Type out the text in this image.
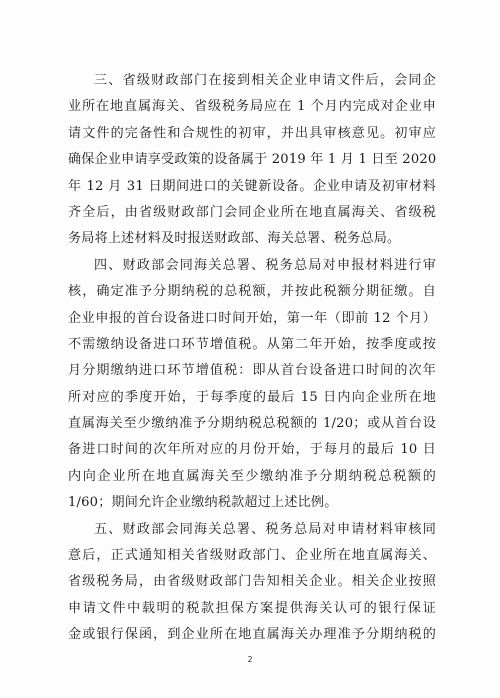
三、省级财政部门在接到相关企业申请文件后，会同企
业所在地直属海关、省级税务局应在 1 个月内完成对企业申
请文件的完备性和合规性的初审，并出具审核意见。初审应
确保企业申请享受政策的设备属于 2019 年 1 月 1 日至 2020
年 12 月 31 日期间进口的关键新设备。企业申请及初审材料
齐全后，由省级财政部门会同企业所在地直属海关、省级税
务局将上述材料及时报送财政部、海关总署、税务总局。
四、财政部会同海关总署、税务总局对申报材料进行审
核，确定准予分期纳税的总税额，并按此税额分期征缴。自
企业申报的首台设备进口时间开始，第一年（即前 12 个月）
不需缴纳设备进口环节增值税。从第二年开始，按季度或按
月分期缴纳进口环节增值税：即从首台设备进口时间的次年
所对应的季度开始，于每季度的最后 15 日内向企业所在地
直属海关至少缴纳准予分期纳税总税额的 1/20；或从首台设
备进口时间的次年所对应的月份开始，于每月的最后 10 日
内向企业所在地直属海关至少缴纳准予分期纳税总税额的
1/60；期间允许企业缴纳税款超过上述比例。
五、财政部会同海关总署、税务总局对申请材料审核同
意后，正式通知相关省级财政部门、企业所在地直属海关、
省级税务局，由省级财政部门告知相关企业。相关企业按照
申请文件中载明的税款担保方案提供海关认可的银行保证
金或银行保函，到企业所在地直属海关办理准予分期纳税的
2
